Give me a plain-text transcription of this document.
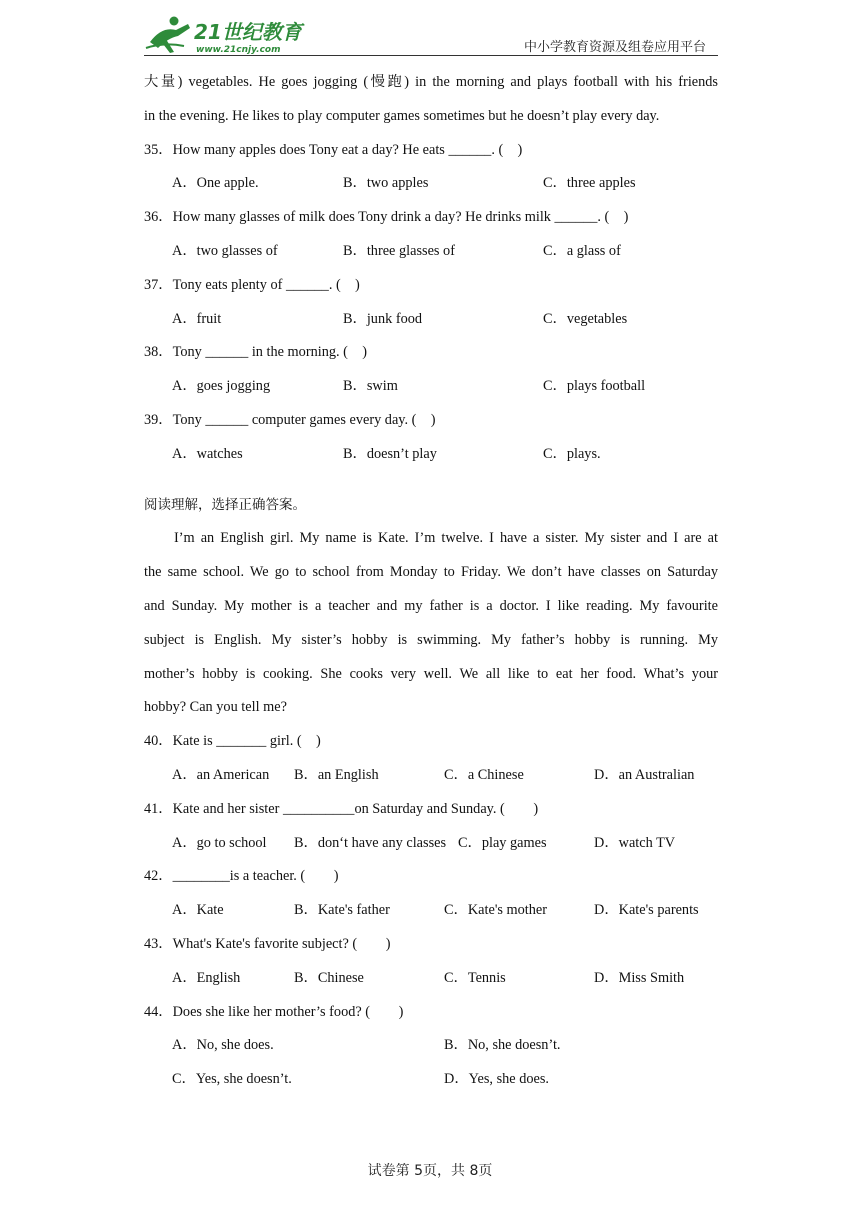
21世纪教育
www.21cnjy.com	中小学教育资源及组卷应用平台
大量) vegetables. He goes jogging (慢跑) in the morning and plays football with his friends
in the evening. He likes to play computer games sometimes but he doesn’t play every day.
35．How many apples does Tony eat a day? He eats ______. (　)
A．One apple.	B．two apples	C．three apples
36．How many glasses of milk does Tony drink a day? He drinks milk ______. (　)
A．two glasses of	B．three glasses of	C．a glass of
37．Tony eats plenty of ______. (　)
A．fruit	B．junk food	C．vegetables
38．Tony ______ in the morning. (　)
A．goes jogging	B．swim	C．plays football
39．Tony ______ computer games every day. (　)
A．watches	B．doesn’t play	C．plays.
阅读理解，选择正确答案。
I’m an English girl. My name is Kate. I’m twelve. I have a sister. My sister and I are at
the same school. We go to school from Monday to Friday. We don’t have classes on Saturday
and Sunday. My mother is a teacher and my father is a doctor. I like reading. My favourite
subject is English. My sister’s hobby is swimming. My father’s hobby is running. My
mother’s hobby is cooking. She cooks very well. We all like to eat her food. What’s your
hobby? Can you tell me?
40．Kate is _______ girl. (　)
A．an American B．an English	C．a Chinese	D．an Australian
41．Kate and her sister __________on Saturday and Sunday. (　　)
A．go to school B．don‘t have any classes C．play games	D．watch TV
42．________is a teacher. (　　)
A．Kate	B．Kate's father	C．Kate's mother	D．Kate's parents
43．What's Kate's favorite subject? (　　)
A．English	B．Chinese	C．Tennis	D．Miss Smith
44．Does she like her mother’s food? (　　)
A．No, she does.	B．No, she doesn’t.
C．Yes, she doesn’t.	D．Yes, she does.
试卷第 5页，共 8页
